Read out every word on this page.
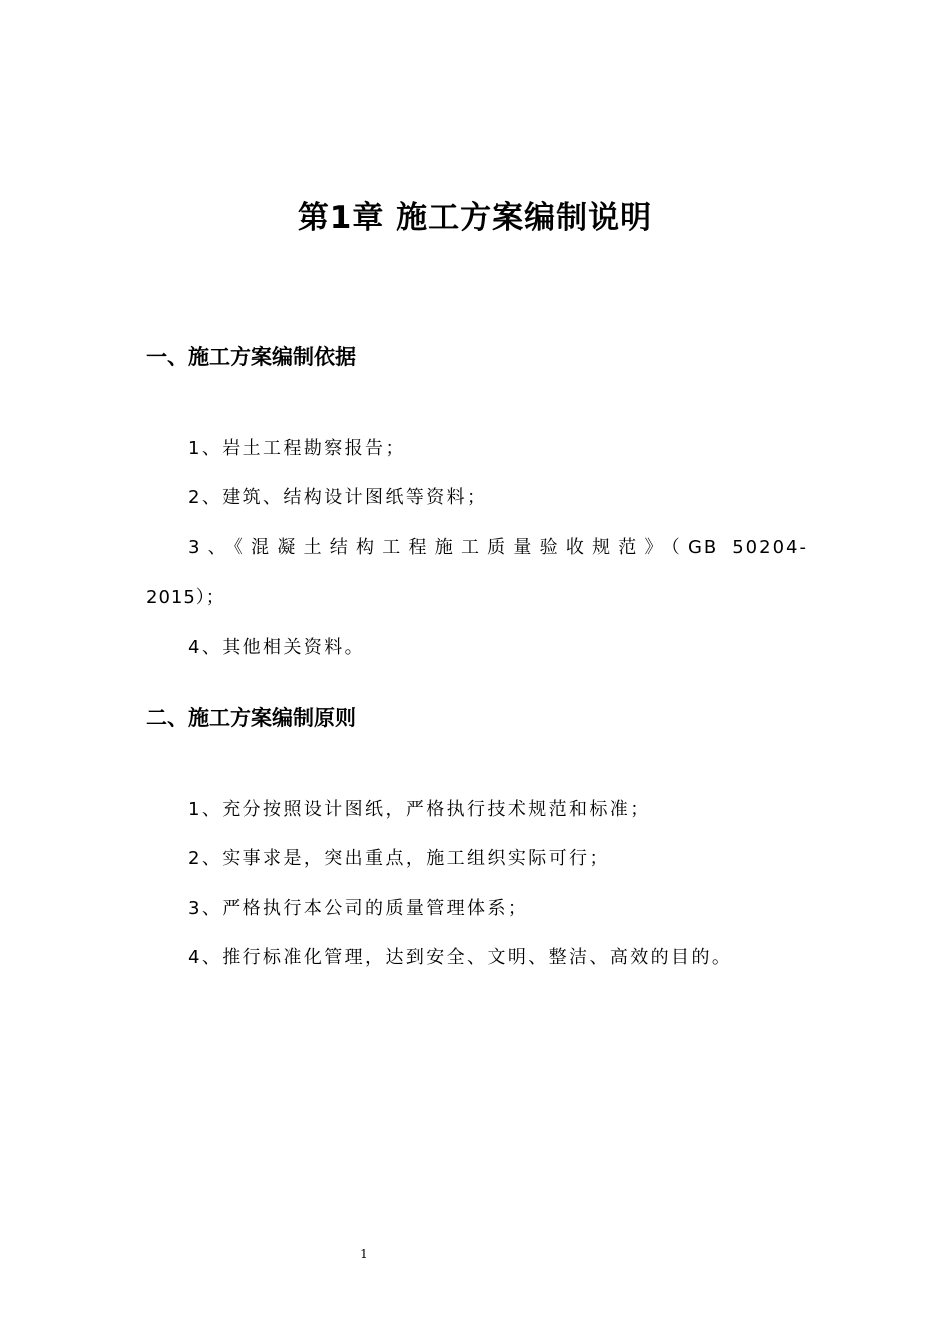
第1章 施工方案编制说明
一、施工方案编制依据

1、岩土工程勘察报告；

2、建筑、结构设计图纸等资料；

3、《混凝土结构工程施工质量验收规范》（GB 50204-
2015）；

4、其他相关资料。

二、施工方案编制原则

1、充分按照设计图纸，严格执行技术规范和标准；

2、实事求是，突出重点，施工组织实际可行；

3、严格执行本公司的质量管理体系；

4、推行标准化管理，达到安全、文明、整洁、高效的目的。

1
